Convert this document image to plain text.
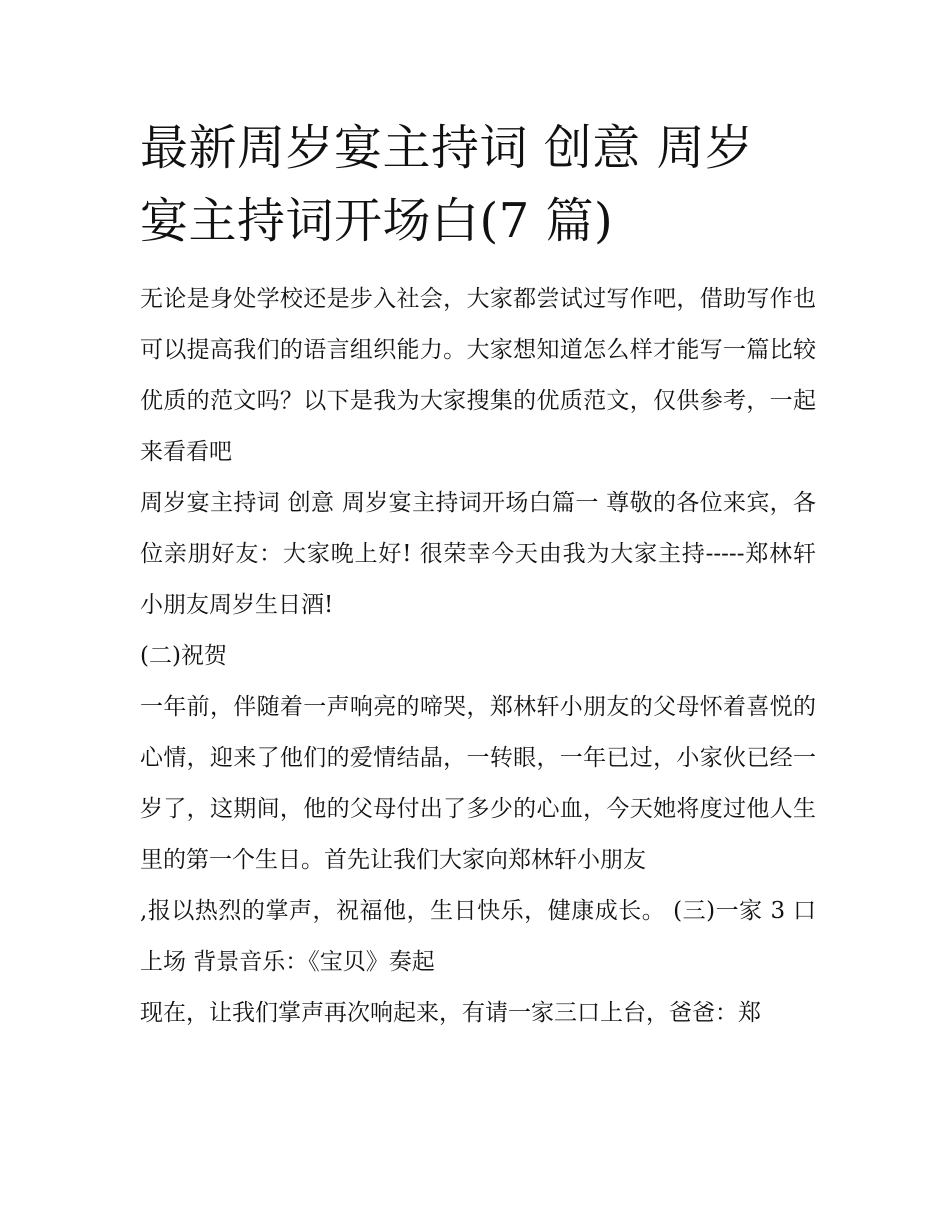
最新周岁宴主持词 创意 周岁
宴主持词开场白(7 篇)

无论是身处学校还是步入社会，大家都尝试过写作吧，借助写作也可以提高我们的语言组织能力。大家想知道怎么样才能写一篇比较优质的范文吗？以下是我为大家搜集的优质范文，仅供参考，一起来看看吧

周岁宴主持词 创意 周岁宴主持词开场白篇一 尊敬的各位来宾，各位亲朋好友：大家晚上好! 很荣幸今天由我为大家主持-----郑林轩小朋友周岁生日酒!

(二)祝贺

一年前，伴随着一声响亮的啼哭，郑林轩小朋友的父母怀着喜悦的心情，迎来了他们的爱情结晶，一转眼，一年已过，小家伙已经一岁了，这期间，他的父母付出了多少的心血，今天她将度过他人生里的第一个生日。首先让我们大家向郑林轩小朋友

,报以热烈的掌声，祝福他，生日快乐，健康成长。 (三)一家 3 口上场 背景音乐：《宝贝》奏起

现在，让我们掌声再次响起来，有请一家三口上台，爸爸：郑
